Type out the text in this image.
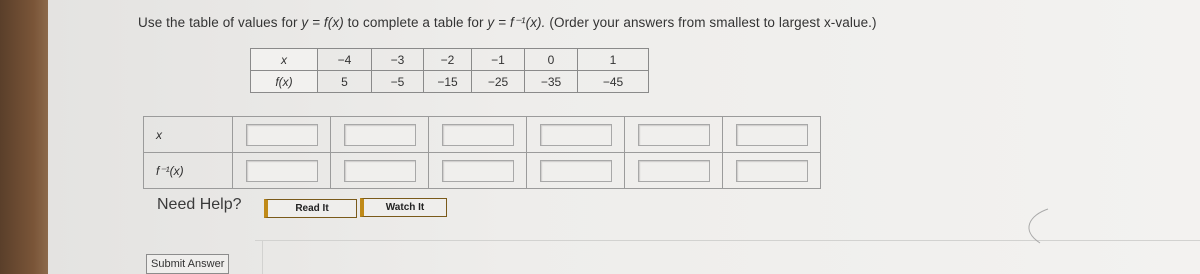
Use the table of values for y = f(x) to complete a table for y = f⁻¹(x). (Order your answers from smallest to largest x-value.)
x	−4	−3	−2	−1	0	1
f(x)	5	−5	−15	−25	−35	−45
x						
f⁻¹(x)						
Need Help?	Read It	Watch It
Submit Answer
